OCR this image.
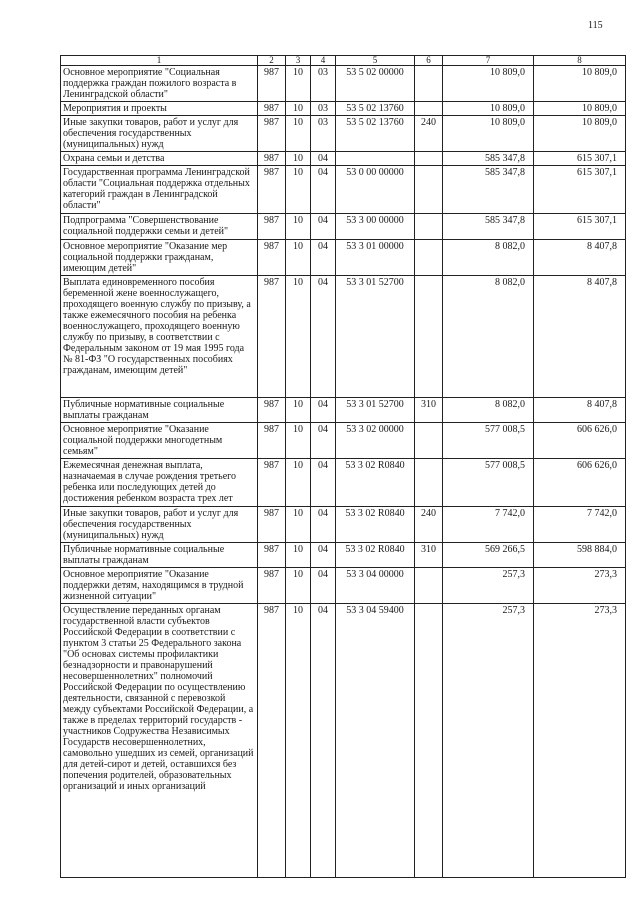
115
1	2	3	4	5	6	7	8
Основное мероприятие "Социальная поддержка граждан пожилого возраста в Ленинградской области"	987	10	03	53 5 02 00000		10 809,0	10 809,0
Мероприятия и проекты	987	10	03	53 5 02 13760		10 809,0	10 809,0
Иные закупки товаров, работ и услуг для обеспечения государственных (муниципальных) нужд	987	10	03	53 5 02 13760	240	10 809,0	10 809,0
Охрана семьи и детства	987	10	04			585 347,8	615 307,1
Государственная программа Ленинградской области "Социальная поддержка отдельных категорий граждан в Ленинградской области"	987	10	04	53 0 00 00000		585 347,8	615 307,1
Подпрограмма "Совершенствование социальной поддержки семьи и детей"	987	10	04	53 3 00 00000		585 347,8	615 307,1
Основное мероприятие "Оказание мер социальной поддержки гражданам, имеющим детей"	987	10	04	53 3 01 00000		8 082,0	8 407,8
Выплата единовременного пособия беременной жене военнослужащего, проходящего военную службу по призыву, а также ежемесячного пособия на ребенка военнослужащего, проходящего военную службу по призыву, в соответствии с Федеральным законом от 19 мая 1995 года № 81-ФЗ "О государственных пособиях гражданам, имеющим детей"	987	10	04	53 3 01 52700		8 082,0	8 407,8
Публичные нормативные социальные выплаты гражданам	987	10	04	53 3 01 52700	310	8 082,0	8 407,8
Основное мероприятие "Оказание социальной поддержки многодетным семьям"	987	10	04	53 3 02 00000		577 008,5	606 626,0
Ежемесячная денежная выплата, назначаемая в случае рождения третьего ребенка или последующих детей до достижения ребенком возраста трех лет	987	10	04	53 3 02 R0840		577 008,5	606 626,0
Иные закупки товаров, работ и услуг для обеспечения государственных (муниципальных) нужд	987	10	04	53 3 02 R0840	240	7 742,0	7 742,0
Публичные нормативные социальные выплаты гражданам	987	10	04	53 3 02 R0840	310	569 266,5	598 884,0
Основное мероприятие "Оказание поддержки детям, находящимся в трудной жизненной ситуации"	987	10	04	53 3 04 00000		257,3	273,3
Осуществление переданных органам государственной власти субъектов Российской Федерации в соответствии с пунктом 3 статьи 25 Федерального закона "Об основах системы профилактики безнадзорности и правонарушений несовершеннолетних" полномочий Российской Федерации по осуществлению деятельности, связанной с перевозкой между субъектами Российской Федерации, а также в пределах территорий государств - участников Содружества Независимых Государств несовершеннолетних, самовольно ушедших из семей, организаций для детей-сирот и детей, оставшихся без попечения родителей, образовательных организаций и иных организаций	987	10	04	53 3 04 59400		257,3	273,3
